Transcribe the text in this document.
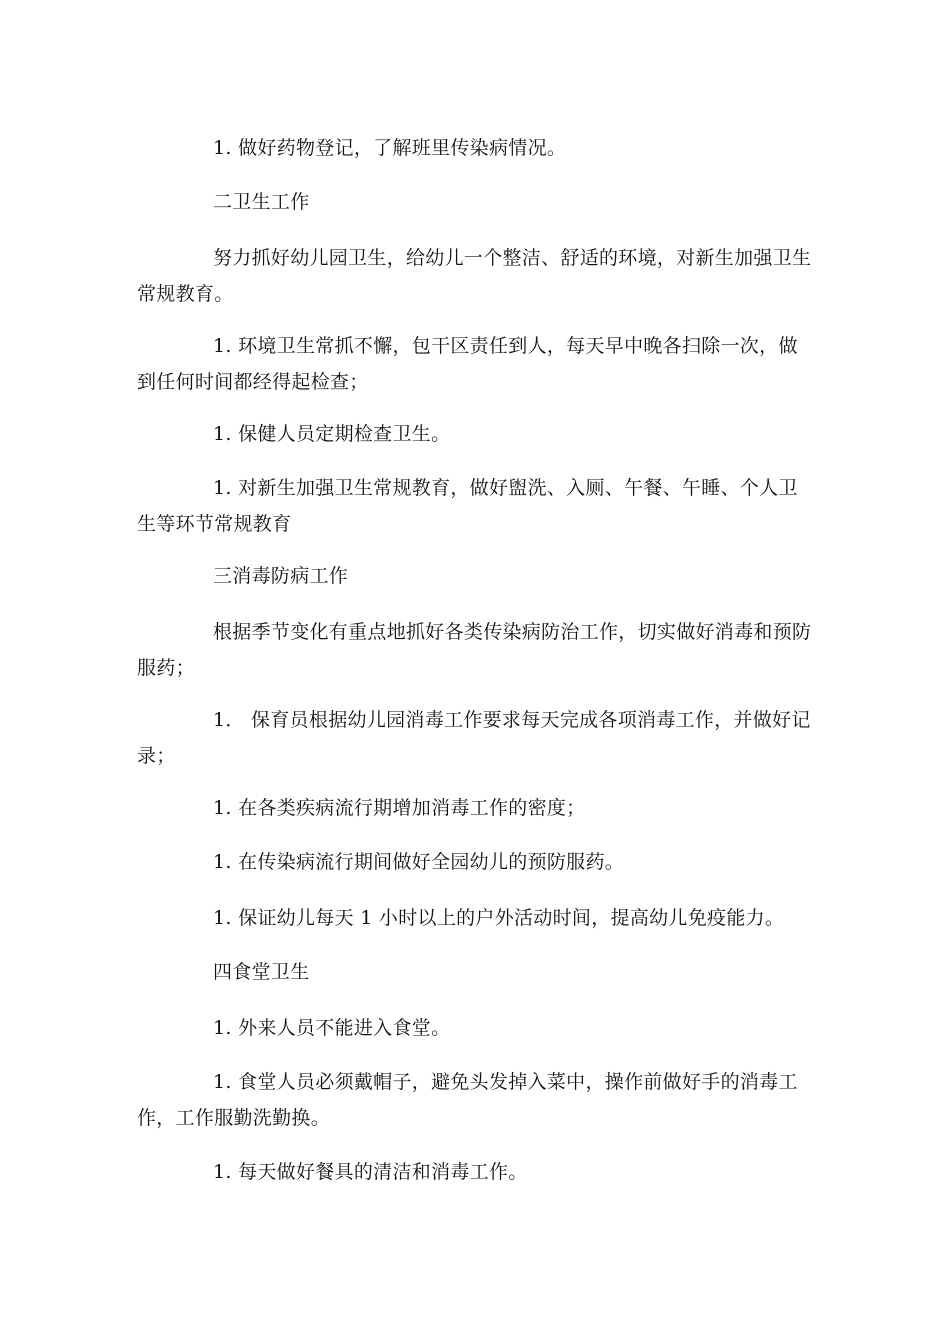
1. 做好药物登记，了解班里传染病情况。

二卫生工作

努力抓好幼儿园卫生，给幼儿一个整洁、舒适的环境，对新生加强卫生常规教育。

1. 环境卫生常抓不懈，包干区责任到人，每天早中晚各扫除一次，做到任何时间都经得起检查；

1. 保健人员定期检查卫生。

1. 对新生加强卫生常规教育，做好盥洗、入厕、午餐、午睡、个人卫生等环节常规教育

三消毒防病工作

根据季节变化有重点地抓好各类传染病防治工作，切实做好消毒和预防服药；

1． 保育员根据幼儿园消毒工作要求每天完成各项消毒工作，并做好记录；

1. 在各类疾病流行期增加消毒工作的密度；

1. 在传染病流行期间做好全园幼儿的预防服药。

1. 保证幼儿每天 1 小时以上的户外活动时间，提高幼儿免疫能力。

四食堂卫生

1. 外来人员不能进入食堂。

1. 食堂人员必须戴帽子，避免头发掉入菜中，操作前做好手的消毒工作，工作服勤洗勤换。

1. 每天做好餐具的清洁和消毒工作。
